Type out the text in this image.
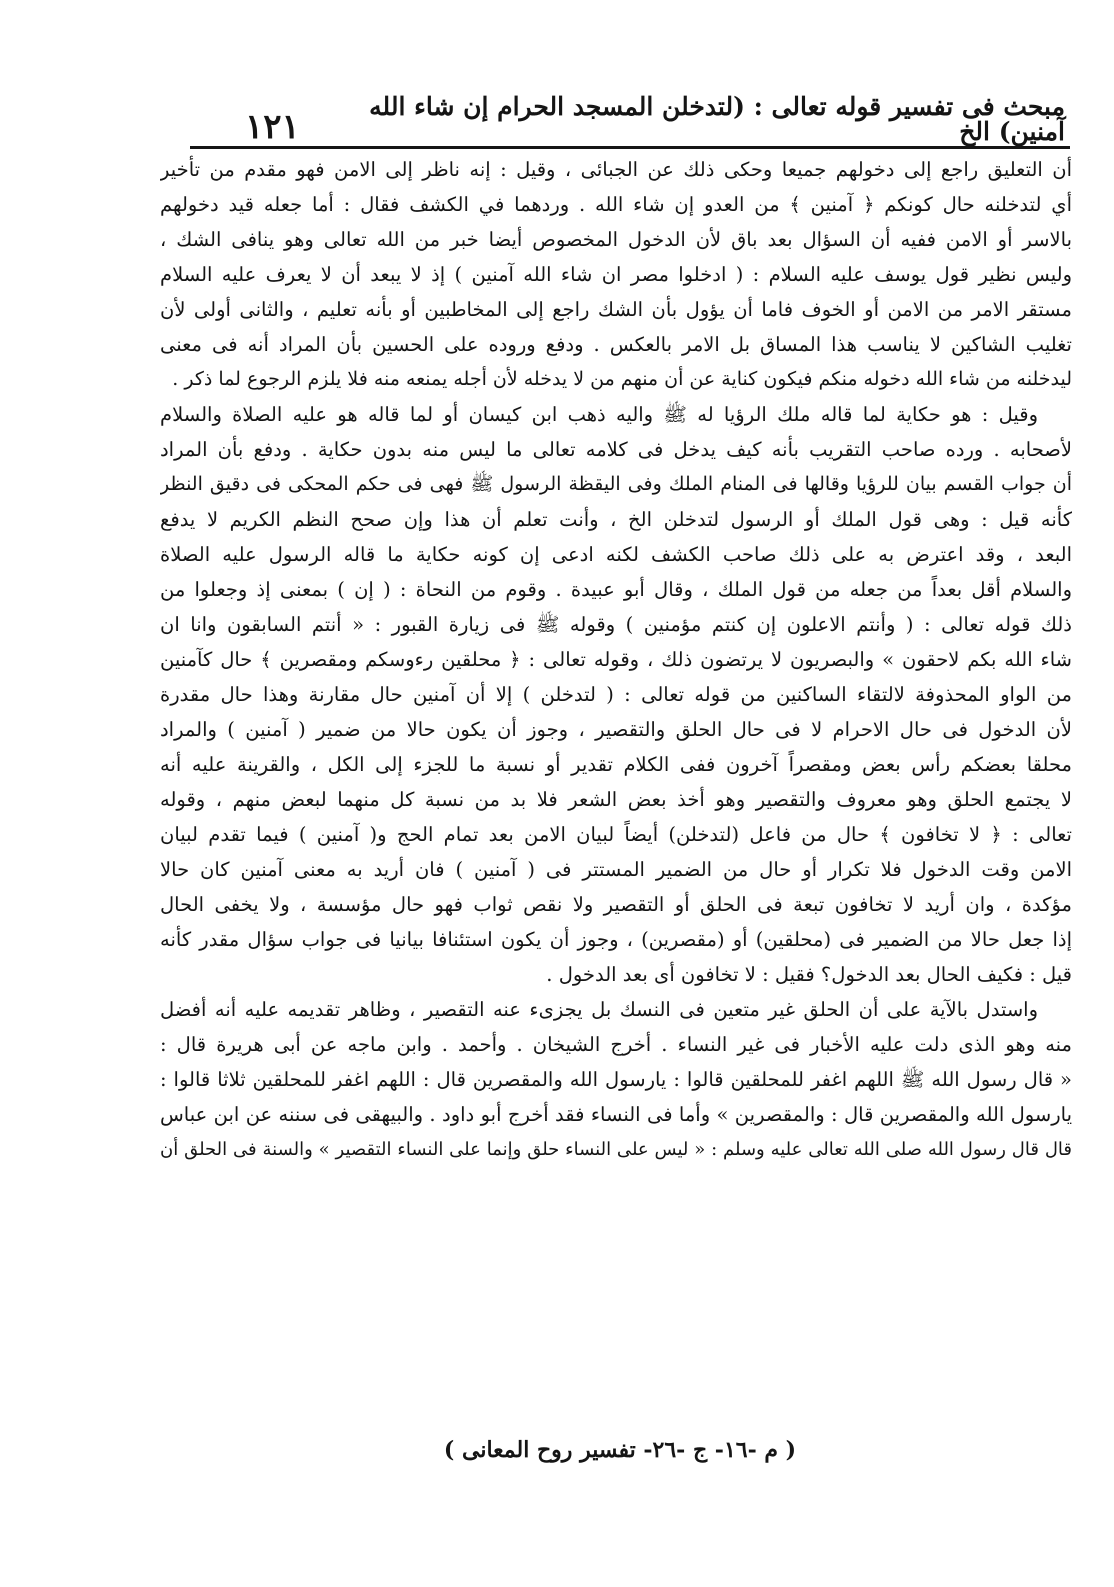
مبحث فى تفسير قوله تعالى : (لتدخلن المسجد الحرام إن شاء الله آمنين) الخ
١٢١
أن التعليق راجع إلى دخولهم جميعا وحكى ذلك عن الجبائى ، وقيل : إنه ناظر إلى الامن فهو مقدم من تأخير
أي لتدخلنه حال كونكم ﴿ آمنين ﴾ من العدو إن شاء الله . وردهما في الكشف فقال : أما جعله قيد دخولهم
بالاسر أو الامن ففيه أن السؤال بعد باق لأن الدخول المخصوص أيضا خبر من الله تعالى وهو ينافى الشك ،
وليس نظير قول يوسف عليه السلام : ( ادخلوا مصر ان شاء الله آمنين ) إذ لا يبعد أن لا يعرف عليه السلام
مستقر الامر من الامن أو الخوف فاما أن يؤول بأن الشك راجع إلى المخاطبين أو بأنه تعليم ، والثانى أولى لأن
تغليب الشاكين لا يناسب هذا المساق بل الامر بالعكس . ودفع وروده على الحسين بأن المراد أنه فى معنى
ليدخلنه من شاء الله دخوله منكم فيكون كناية عن أن منهم من لا يدخله لأن أجله يمنعه منه فلا يلزم الرجوع لما ذكر .
وقيل : هو حكاية لما قاله ملك الرؤيا له ﷺ واليه ذهب ابن كيسان أو لما قاله هو عليه الصلاة والسلام
لأصحابه . ورده صاحب التقريب بأنه كيف يدخل فى كلامه تعالى ما ليس منه بدون حكاية . ودفع بأن المراد
أن جواب القسم بيان للرؤيا وقالها فى المنام الملك وفى اليقظة الرسول ﷺ فهى فى حكم المحكى فى دقيق النظر
كأنه قيل : وهى قول الملك أو الرسول لتدخلن الخ ، وأنت تعلم أن هذا وإن صحح النظم الكريم لا يدفع
البعد ، وقد اعترض به على ذلك صاحب الكشف لكنه ادعى إن كونه حكاية ما قاله الرسول عليه الصلاة
والسلام أقل بعداً من جعله من قول الملك ، وقال أبو عبيدة . وقوم من النحاة : ( إن ) بمعنى إذ وجعلوا من
ذلك قوله تعالى : ( وأنتم الاعلون إن كنتم مؤمنين ) وقوله ﷺ فى زيارة القبور : « أنتم السابقون وانا ان
شاء الله بكم لاحقون » والبصريون لا يرتضون ذلك ، وقوله تعالى : ﴿ محلقين رءوسكم ومقصرين ﴾ حال كآمنين
من الواو المحذوفة لالتقاء الساكنين من قوله تعالى : ( لتدخلن ) إلا أن آمنين حال مقارنة وهذا حال مقدرة
لأن الدخول فى حال الاحرام لا فى حال الحلق والتقصير ، وجوز أن يكون حالا من ضمير ( آمنين ) والمراد
محلقا بعضكم رأس بعض ومقصراً آخرون ففى الكلام تقدير أو نسبة ما للجزء إلى الكل ، والقرينة عليه أنه
لا يجتمع الحلق وهو معروف والتقصير وهو أخذ بعض الشعر فلا بد من نسبة كل منهما لبعض منهم ، وقوله
تعالى : ﴿ لا تخافون ﴾ حال من فاعل (لتدخلن) أيضاً لبيان الامن بعد تمام الحج و( آمنين ) فيما تقدم لبيان
الامن وقت الدخول فلا تكرار أو حال من الضمير المستتر فى ( آمنين ) فان أريد به معنى آمنين كان حالا
مؤكدة ، وان أريد لا تخافون تبعة فى الحلق أو التقصير ولا نقص ثواب فهو حال مؤسسة ، ولا يخفى الحال
إذا جعل حالا من الضمير فى (محلقين) أو (مقصرين) ، وجوز أن يكون استئنافا بيانيا فى جواب سؤال مقدر كأنه
قيل : فكيف الحال بعد الدخول؟ فقيل : لا تخافون أى بعد الدخول .
واستدل بالآية على أن الحلق غير متعين فى النسك بل يجزىء عنه التقصير ، وظاهر تقديمه عليه أنه أفضل
منه وهو الذى دلت عليه الأخبار فى غير النساء . أخرج الشيخان . وأحمد . وابن ماجه عن أبى هريرة قال :
« قال رسول الله ﷺ اللهم اغفر للمحلقين قالوا : يارسول الله والمقصرين قال : اللهم اغفر للمحلقين ثلاثا قالوا :
يارسول الله والمقصرين قال : والمقصرين » وأما فى النساء فقد أخرج أبو داود . والبيهقى فى سننه عن ابن عباس
قال قال رسول الله صلى الله تعالى عليه وسلم : « ليس على النساء حلق وإنما على النساء التقصير » والسنة فى الحلق أن
( م -١٦- ج -٢٦- تفسير روح المعانى )
